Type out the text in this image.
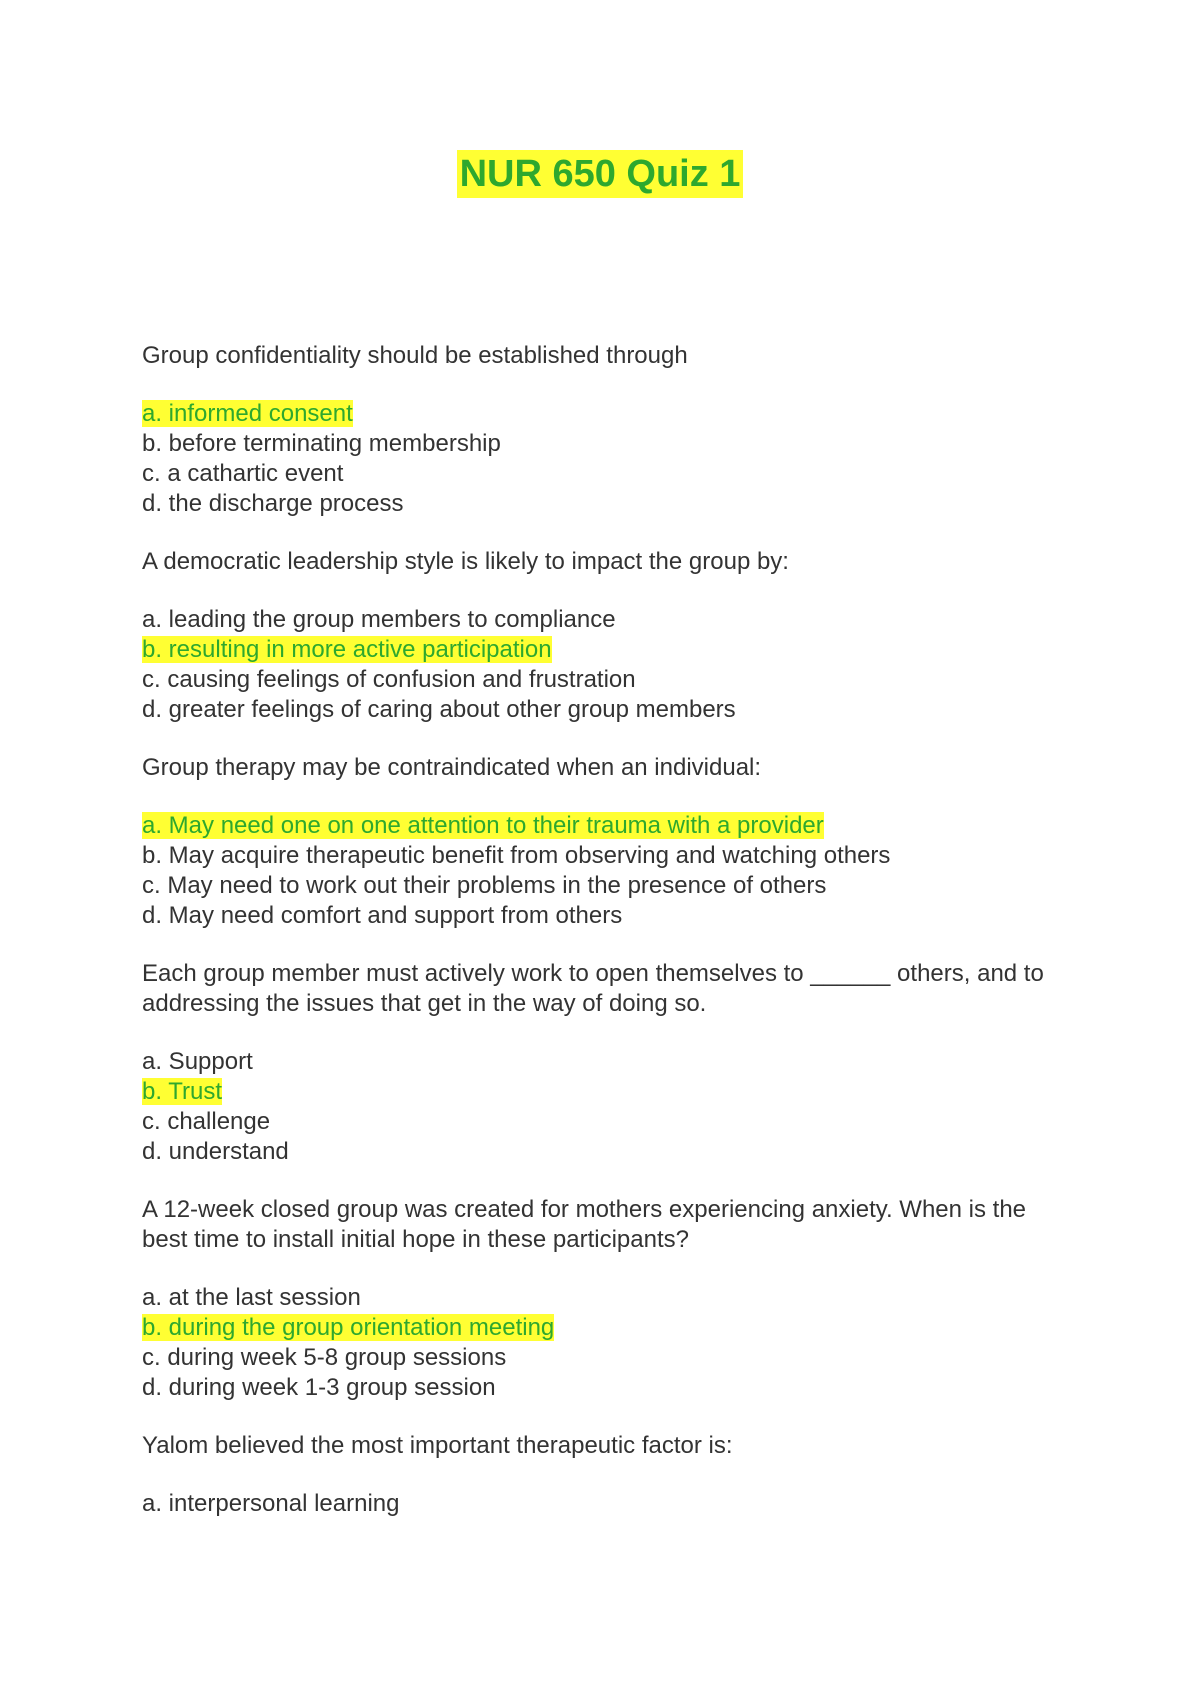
NUR 650 Quiz 1
Group confidentiality should be established through
a. informed consent
b. before terminating membership
c. a cathartic event
d. the discharge process
A democratic leadership style is likely to impact the group by:
a. leading the group members to compliance
b. resulting in more active participation
c. causing feelings of confusion and frustration
d. greater feelings of caring about other group members
Group therapy may be contraindicated when an individual:
a. May need one on one attention to their trauma with a provider
b. May acquire therapeutic benefit from observing and watching others
c. May need to work out their problems in the presence of others
d. May need comfort and support from others
Each group member must actively work to open themselves to ______ others, and to addressing the issues that get in the way of doing so.
a. Support
b. Trust
c. challenge
d. understand
A 12-week closed group was created for mothers experiencing anxiety. When is the best time to install initial hope in these participants?
a. at the last session
b. during the group orientation meeting
c. during week 5-8 group sessions
d. during week 1-3 group session
Yalom believed the most important therapeutic factor is:
a. interpersonal learning
